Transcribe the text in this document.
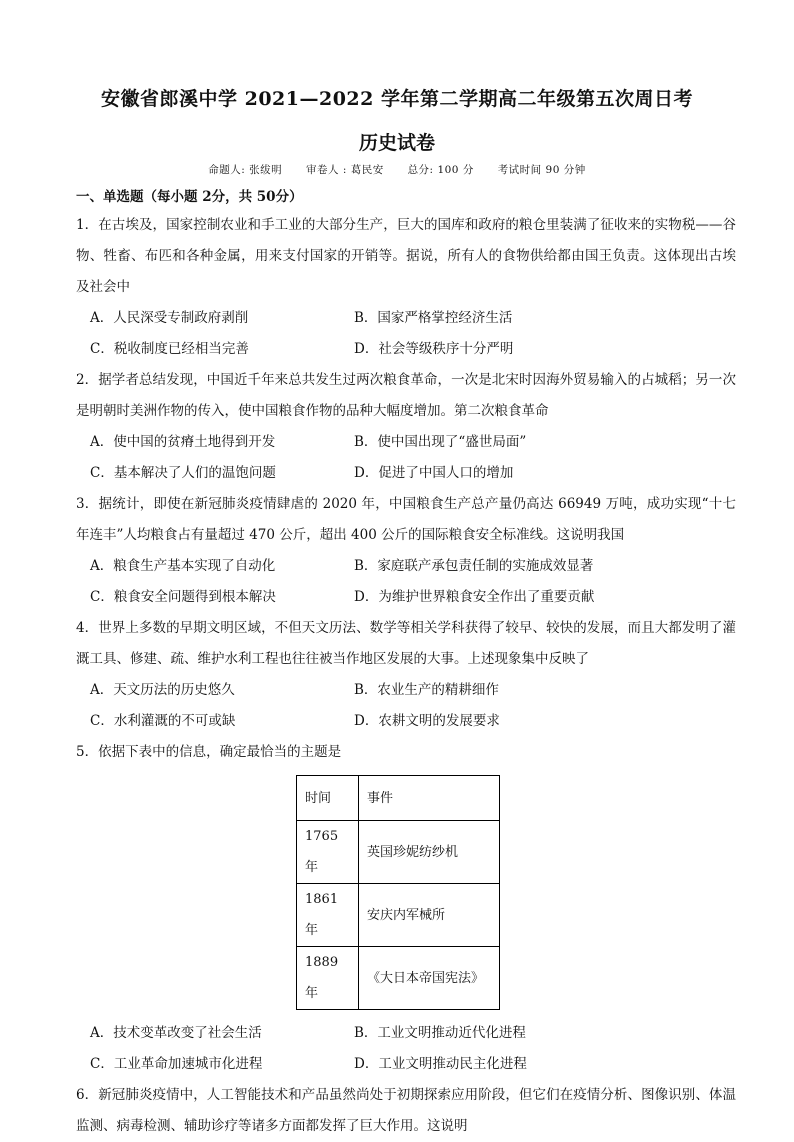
安徽省郎溪中学 2021—2022 学年第二学期高二年级第五次周日考
历史试卷
命题人: 张绂明 审卷人 : 葛民安 总分: 100 分 考试时间 90 分钟
一、单选题（每小题 2分，共 50分）

1．在古埃及，国家控制农业和手工业的大部分生产，巨大的国库和政府的粮仓里装满了征收来的实物税——谷物、牲畜、布匹和各种金属，用来支付国家的开销等。据说，所有人的食物供给都由国王负责。这体现出古埃及社会中

A．人民深受专制政府剥削	B．国家严格掌控经济生活
C．税收制度已经相当完善	D．社会等级秩序十分严明

2．据学者总结发现，中国近千年来总共发生过两次粮食革命，一次是北宋时因海外贸易输入的占城稻；另一次是明朝时美洲作物的传入，使中国粮食作物的品种大幅度增加。第二次粮食革命

A．使中国的贫瘠土地得到开发	B．使中国出现了“盛世局面”
C．基本解决了人们的温饱问题	D．促进了中国人口的增加

3．据统计，即使在新冠肺炎疫情肆虐的 2020 年，中国粮食生产总产量仍高达 66949 万吨，成功实现“十七年连丰”人均粮食占有量超过 470 公斤，超出 400 公斤的国际粮食安全标准线。这说明我国

A．粮食生产基本实现了自动化	B．家庭联产承包责任制的实施成效显著
C．粮食安全问题得到根本解决	D．为维护世界粮食安全作出了重要贡献

4．世界上多数的早期文明区域，不但天文历法、数学等相关学科获得了较早、较快的发展，而且大都发明了灌溉工具、修建、疏、维护水利工程也往往被当作地区发展的大事。上述现象集中反映了

A．天文历法的历史悠久	B．农业生产的精耕细作
C．水利灌溉的不可或缺	D．农耕文明的发展要求

5．依据下表中的信息，确定最恰当的主题是

时间	事件
1765 年	英国珍妮纺纱机
1861 年	安庆内军械所
1889 年	《大日本帝国宪法》
A．技术变革改变了社会生活	B．工业文明推动近代化进程
C．工业革命加速城市化进程	D．工业文明推动民主化进程

6．新冠肺炎疫情中，人工智能技术和产品虽然尚处于初期探索应用阶段，但它们在疫情分析、图像识别、体温监测、病毒检测、辅助诊疗等诸多方面都发挥了巨大作用。这说明
